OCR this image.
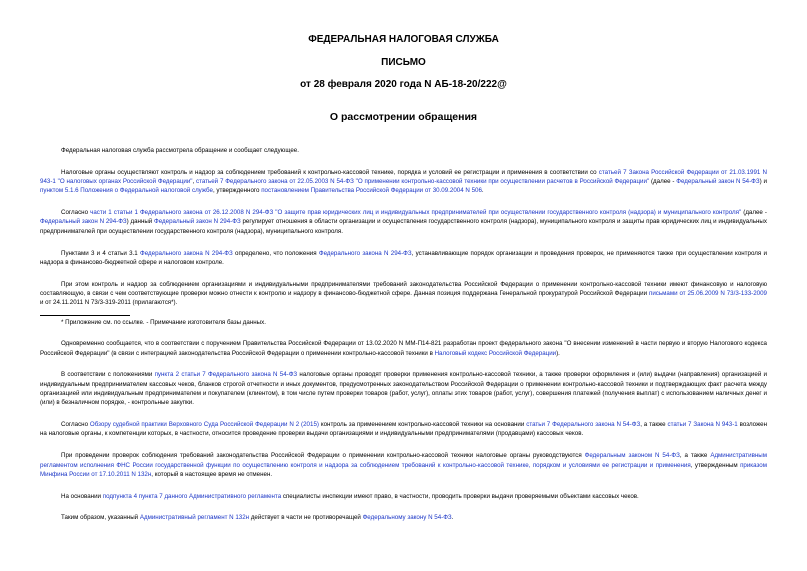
ФЕДЕРАЛЬНАЯ НАЛОГОВАЯ СЛУЖБА
ПИСЬМО
от 28 февраля 2020 года N АБ-18-20/222@
О рассмотрении обращения

Федеральная налоговая служба рассмотрела обращение и сообщает следующее.

Налоговые органы осуществляют контроль и надзор за соблюдением требований к контрольно-кассовой технике, порядка и условий ее регистрации и применения в соответствии со статьей 7 Закона Российской Федерации от 21.03.1991 N 943-1 "О налоговых органах Российской Федерации", статьей 7 Федерального закона от 22.05.2003 N 54-ФЗ "О применении контрольно-кассовой техники при осуществлении расчетов в Российской Федерации" (далее - Федеральный закон N 54-ФЗ) и пунктом 5.1.6 Положения о Федеральной налоговой службе, утвержденного постановлением Правительства Российской Федерации от 30.09.2004 N 506.

Согласно части 1 статьи 1 Федерального закона от 26.12.2008 N 294-ФЗ "О защите прав юридических лиц и индивидуальных предпринимателей при осуществлении государственного контроля (надзора) и муниципального контроля" (далее - Федеральный закон N 294-ФЗ) данный Федеральный закон N 294-ФЗ регулирует отношения в области организации и осуществления государственного контроля (надзора), муниципального контроля и защиты прав юридических лиц и индивидуальных предпринимателей при осуществлении государственного контроля (надзора), муниципального контроля.

Пунктами 3 и 4 статьи 3.1 Федерального закона N 294-ФЗ определено, что положения Федерального закона N 294-ФЗ, устанавливающие порядок организации и проведения проверок, не применяются также при осуществлении контроля и надзора в финансово-бюджетной сфере и налоговом контроле.

При этом контроль и надзор за соблюдением организациями и индивидуальными предпринимателями требований законодательства Российской Федерации о применении контрольно-кассовой техники имеют финансовую и налоговую составляющую, в связи с чем соответствующие проверки можно отнести к контролю и надзору в финансово-бюджетной сфере. Данная позиция поддержана Генеральной прокуратурой Российской Федерации письмами от 25.06.2009 N 73/3-133-2009 и от 24.11.2011 N 73/3-319-2011 (прилагаются*).

* Приложение см. по ссылке. - Примечание изготовителя базы данных.

Одновременно сообщается, что в соответствии с поручением Правительства Российской Федерации от 13.02.2020 N ММ-П14-821 разработан проект федерального закона "О внесении изменений в части первую и вторую Налогового кодекса Российской Федерации" (в связи с интеграцией законодательства Российской Федерации о применении контрольно-кассовой техники в Налоговый кодекс Российской Федерации).

В соответствии с положениями пункта 2 статьи 7 Федерального закона N 54-ФЗ налоговые органы проводят проверки применения контрольно-кассовой техники, а также проверки оформления и (или) выдачи (направления) организацией и индивидуальным предпринимателем кассовых чеков, бланков строгой отчетности и иных документов, предусмотренных законодательством Российской Федерации о применении контрольно-кассовой техники и подтверждающих факт расчета между организацией или индивидуальным предпринимателем и покупателем (клиентом), в том числе путем проверки товаров (работ, услуг), оплаты этих товаров (работ, услуг), совершения платежей (получения выплат) с использованием наличных денег и (или) в безналичном порядке, - контрольные закупки.

Согласно Обзору судебной практики Верховного Суда Российской Федерации N 2 (2015) контроль за применением контрольно-кассовой техники на основании статьи 7 Федерального закона N 54-ФЗ, а также статьи 7 Закона N 943-1 возложен на налоговые органы, к компетенции которых, в частности, относится проведение проверки выдачи организациями и индивидуальными предпринимателями (продавцами) кассовых чеков.

При проведении проверок соблюдения требований законодательства Российской Федерации о применении контрольно-кассовой техники налоговые органы руководствуются Федеральным законом N 54-ФЗ, а также Административным регламентом исполнения ФНС России государственной функции по осуществлению контроля и надзора за соблюдением требований к контрольно-кассовой технике, порядком и условиями ее регистрации и применения, утвержденным приказом Минфина России от 17.10.2011 N 132н, который в настоящее время не отменен.

На основании подпункта 4 пункта 7 данного Административного регламента специалисты инспекции имеют право, в частности, проводить проверки выдачи проверяемыми объектами кассовых чеков.

Таким образом, указанный Административный регламент N 132н действует в части не противоречащей Федеральному закону N 54-ФЗ.
